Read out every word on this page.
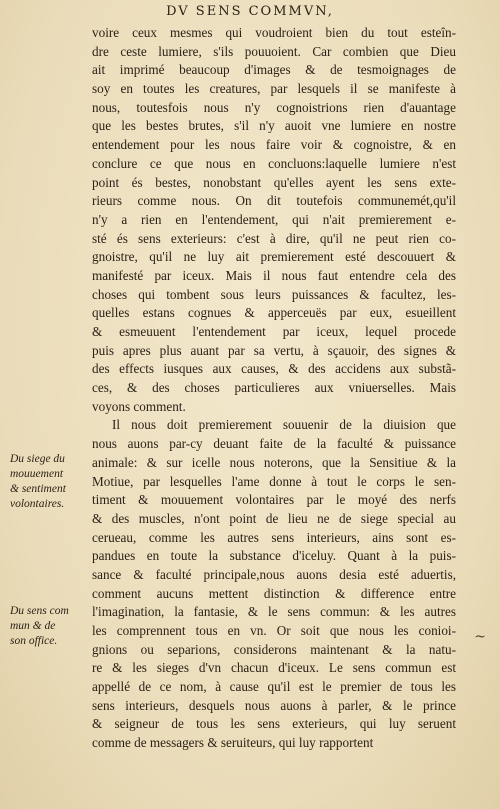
DV SENS COMMVN,
voire ceux mesmes qui voudroient bien du tout esteîn-
dre ceste lumiere, s'ils pouuoient. Car combien que Dieu
ait imprimé beaucoup d'images & de tesmoignages de
soy en toutes les creatures, par lesquels il se manifeste à
nous, toutesfois nous n'y cognoistrions rien d'auantage
que les bestes brutes, s'il n'y auoit vne lumiere en nostre
entendement pour les nous faire voir & cognoistre, & en
conclure ce que nous en concluons:laquelle lumiere n'est
point és bestes, nonobstant qu'elles ayent les sens exte-
rieurs comme nous. On dit toutefois communemét,qu'il
n'y a rien en l'entendement, qui n'ait premierement e-
sté és sens exterieurs: c'est à dire, qu'il ne peut rien co-
gnoistre, qu'il ne luy ait premierement esté descouuert &
manifesté par iceux. Mais il nous faut entendre cela des
choses qui tombent sous leurs puissances & facultez, les-
quelles estans cognues & apperceuës par eux, esueillent
& esmeuuent l'entendement par iceux, lequel procede
puis apres plus auant par sa vertu, à sçauoir, des signes &
des effects iusques aux causes, & des accidens aux substã-
ces, & des choses particulieres aux vniuerselles. Mais
voyons comment.
Il nous doit premierement souuenir de la diuision que
nous auons par-cy deuant faite de la faculté & puissance
animale: & sur icelle nous noterons, que la Sensitiue & la
Motiue, par lesquelles l'ame donne à tout le corps le sen-
timent & mouuement volontaires par le moyé des nerfs
& des muscles, n'ont point de lieu ne de siege special au
cerueau, comme les autres sens interieurs, ains sont es-
pandues en toute la substance d'iceluy. Quant à la puis-
sance & faculté principale,nous auons desia esté aduertis,
comment aucuns mettent distinction & difference entre
l'imagination, la fantasie, & le sens commun: & les autres
les comprennent tous en vn. Or soit que nous les conioi-
gnions ou separions, considerons maintenant & la natu-
re & les sieges d'vn chacun d'iceux. Le sens commun est
appellé de ce nom, à cause qu'il est le premier de tous les
sens interieurs, desquels nous auons à parler, & le prince
& seigneur de tous les sens exterieurs, qui luy seruent
comme de messagers & seruiteurs, qui luy rapportent
Du siege du
mouuement
& sentiment
volontaires.
Du sens com
mun & de
son office.	~
